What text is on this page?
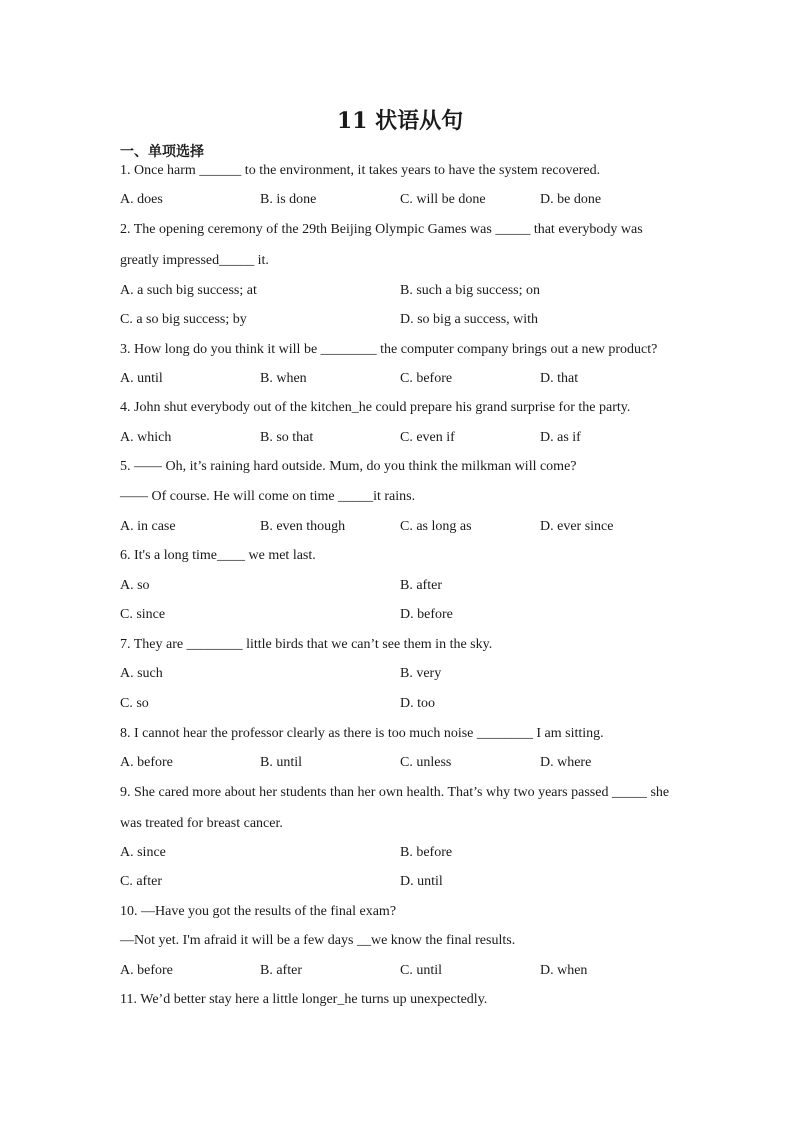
11 状语从句
一、单项选择
1. Once harm ______ to the environment, it takes years to have the system recovered.
A. does	B. is done	C. will be done	D. be done
2. The opening ceremony of the 29th Beijing Olympic Games was _____ that everybody was
greatly impressed_____ it.
A. a such big success; at	B. such a big success; on
C. a so big success; by	D. so big a success, with
3. How long do you think it will be ________ the computer company brings out a new product?
A. until	B. when	C. before	D. that
4. John shut everybody out of the kitchen_he could prepare his grand surprise for the party.
A. which	B. so that	C. even if	D. as if
5. —— Oh, it’s raining hard outside. Mum, do you think the milkman will come?
—— Of course. He will come on time _____it rains.
A. in case	B. even though	C. as long as	D. ever since
6. It's a long time____ we met last.
A. so	B. after
C. since	D. before
7. They are ________ little birds that we can’t see them in the sky.
A. such	B. very
C. so	D. too
8. I cannot hear the professor clearly as there is too much noise ________ I am sitting.
A. before	B. until	C. unless	D. where
9. She cared more about her students than her own health. That’s why two years passed _____ she
was treated for breast cancer.
A. since	B. before
C. after	D. until
10. —Have you got the results of the final exam?
—Not yet. I'm afraid it will be a few days __we know the final results.
A. before	B. after	C. until	D. when
11. We’d better stay here a little longer_he turns up unexpectedly.
